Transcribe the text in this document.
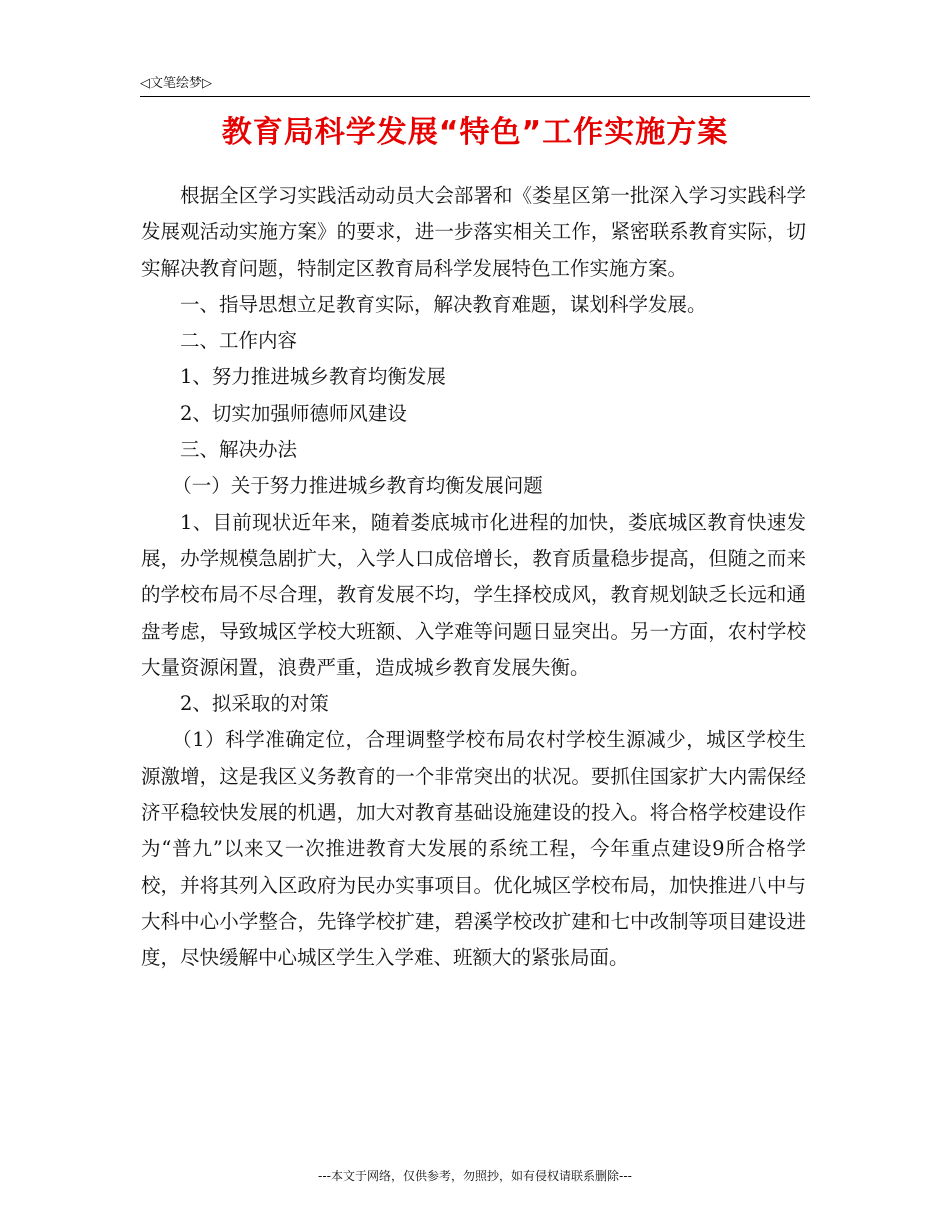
◁文笔绘梦▷
教育局科学发展“特色”工作实施方案

根据全区学习实践活动动员大会部署和《娄星区第一批深入学习实践科学发展观活动实施方案》的要求，进一步落实相关工作，紧密联系教育实际，切实解决教育问题，特制定区教育局科学发展特色工作实施方案。

一、指导思想立足教育实际，解决教育难题，谋划科学发展。

二、工作内容

1、努力推进城乡教育均衡发展

2、切实加强师德师风建设

三、解决办法

（一）关于努力推进城乡教育均衡发展问题

1、目前现状近年来，随着娄底城市化进程的加快，娄底城区教育快速发展，办学规模急剧扩大，入学人口成倍增长，教育质量稳步提高，但随之而来的学校布局不尽合理，教育发展不均，学生择校成风，教育规划缺乏长远和通盘考虑，导致城区学校大班额、入学难等问题日显突出。另一方面，农村学校大量资源闲置，浪费严重，造成城乡教育发展失衡。

2、拟采取的对策

（1）科学准确定位，合理调整学校布局农村学校生源减少，城区学校生源激增，这是我区义务教育的一个非常突出的状况。要抓住国家扩大内需保经济平稳较快发展的机遇，加大对教育基础设施建设的投入。将合格学校建设作为“普九”以来又一次推进教育大发展的系统工程，今年重点建设9所合格学校，并将其列入区政府为民办实事项目。优化城区学校布局，加快推进八中与大科中心小学整合，先锋学校扩建，碧溪学校改扩建和七中改制等项目建设进度，尽快缓解中心城区学生入学难、班额大的紧张局面。

---本文于网络，仅供参考，勿照抄，如有侵权请联系删除---
